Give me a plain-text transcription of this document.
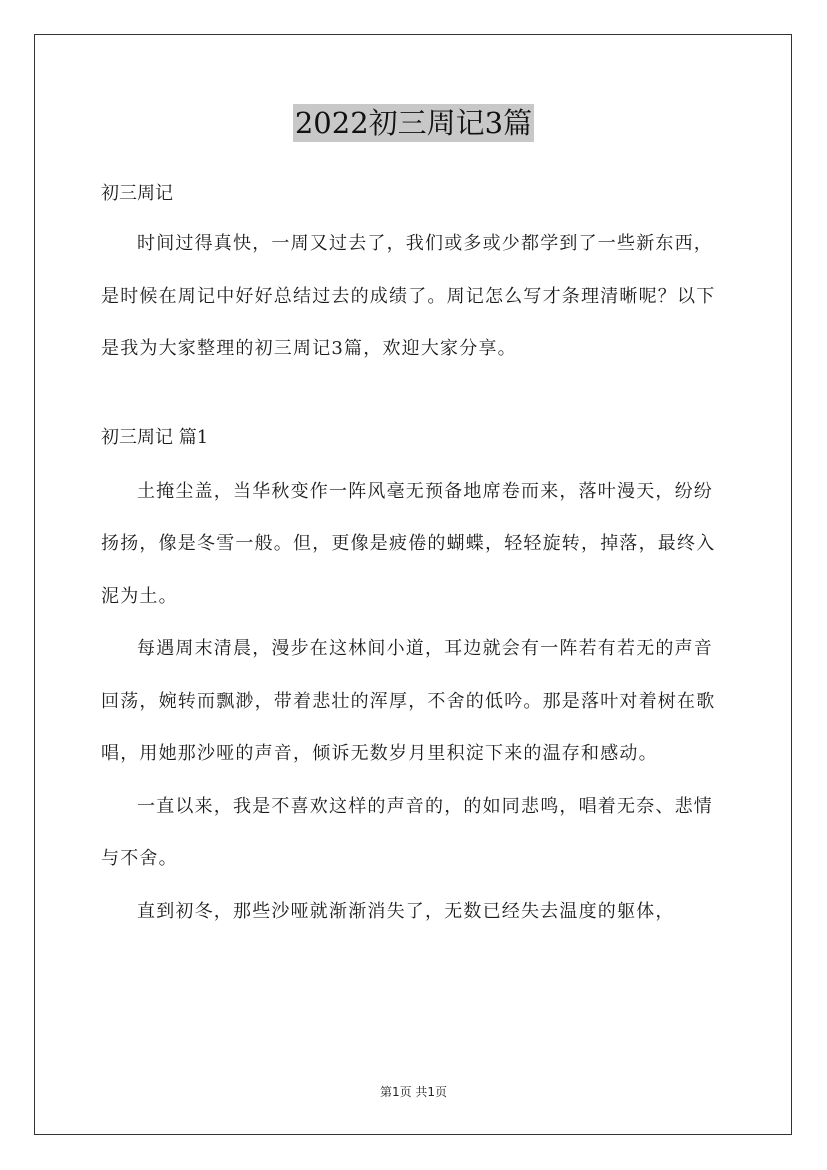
2022初三周记3篇

初三周记

时间过得真快，一周又过去了，我们或多或少都学到了一些新东西，是时候在周记中好好总结过去的成绩了。周记怎么写才条理清晰呢？以下是我为大家整理的初三周记3篇，欢迎大家分享。

初三周记 篇1

土掩尘盖，当华秋变作一阵风毫无预备地席卷而来，落叶漫天，纷纷扬扬，像是冬雪一般。但，更像是疲倦的蝴蝶，轻轻旋转，掉落，最终入泥为土。

每遇周末清晨，漫步在这林间小道，耳边就会有一阵若有若无的声音回荡，婉转而飘渺，带着悲壮的浑厚，不舍的低吟。那是落叶对着树在歌唱，用她那沙哑的声音，倾诉无数岁月里积淀下来的温存和感动。

一直以来，我是不喜欢这样的声音的，的如同悲鸣，唱着无奈、悲情与不舍。

直到初冬，那些沙哑就渐渐消失了，无数已经失去温度的躯体，

第1页 共1页
